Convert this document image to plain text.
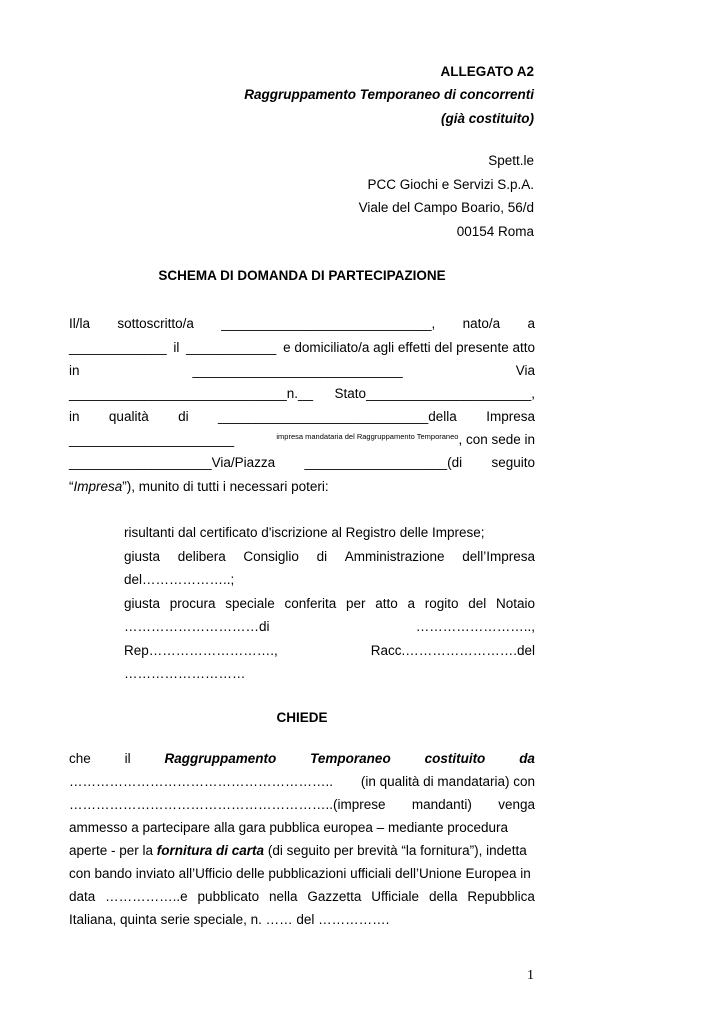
ALLEGATO A2
Raggruppamento Temporaneo di concorrenti
(già costituito)
Spett.le
PCC Giochi e Servizi S.p.A.
Viale del Campo Boario, 56/d
00154 Roma
SCHEMA DI DOMANDA DI PARTECIPAZIONE
Il/la sottoscritto/a ____________________________, nato/a a
_____________ il ____________ e domiciliato/a agli effetti del presente atto
in	____________________________	Via
_____________________________n.__ Stato______________________,
in qualità di ____________________________della Impresa
______________________	$^{impresa mandataria del Raggruppamento Temporaneo}$, con sede in
___________________Via/Piazza ___________________(di seguito
“Impresa”), munito di tutti i necessari poteri:
risultanti dal certificato d'iscrizione al Registro delle Imprese;
giusta delibera Consiglio di Amministrazione dell’Impresa
del………………..;
giusta procura speciale conferita per atto a rogito del Notaio
…………………………di	……………………..,
Rep……………………….,	Racc.…………………….del
………………………
CHIEDE
che	il	Raggruppamento	Temporaneo	costituito	da
………………………………………………….. (in qualità di mandataria) con
…………………………………………………..(imprese mandanti) venga
ammesso a partecipare alla gara pubblica europea – mediante procedura
aperte - per la fornitura di carta (di seguito per brevità “la fornitura”), indetta
con bando inviato all’Ufficio delle pubblicazioni ufficiali dell’Unione Europea in
data ……………..e pubblicato nella Gazzetta Ufficiale della Repubblica
Italiana, quinta serie speciale, n. …… del …………….
1
